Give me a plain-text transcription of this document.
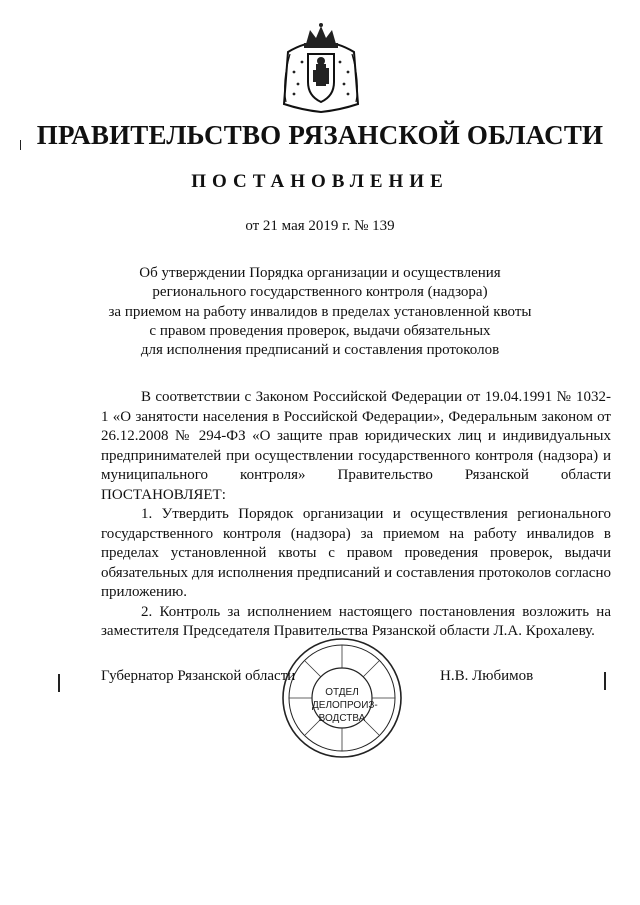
ПРАВИТЕЛЬСТВО РЯЗАНСКОЙ ОБЛАСТИ
ПОСТАНОВЛЕНИЕ
от 21 мая 2019 г. № 139
Об утверждении Порядка организации и осуществления
регионального государственного контроля (надзора)
за приемом на работу инвалидов в пределах установленной квоты
с правом проведения проверок, выдачи обязательных
для исполнения предписаний и составления протоколов

В соответствии с Законом Российской Федерации от 19.04.1991 № 1032-1 «О занятости населения в Российской Федерации», Федеральным законом от 26.12.2008 № 294-ФЗ «О защите прав юридических лиц и индивидуальных предпринимателей при осуществлении государственного контроля (надзора) и муниципального контроля» Правительство Рязанской области ПОСТАНОВЛЯЕТ:

1. Утвердить Порядок организации и осуществления регионального государственного контроля (надзора) за приемом на работу инвалидов в пределах установленной квоты с правом проведения проверок, выдачи обязательных для исполнения предписаний и составления протоколов согласно приложению.

2. Контроль за исполнением настоящего постановления возложить на заместителя Председателя Правительства Рязанской области Л.А. Крохалеву.

ОТДЕЛ
ДЕЛОПРОИЗ-
ВОДСТВА
Губернатор Рязанской области	Н.В. Любимов
